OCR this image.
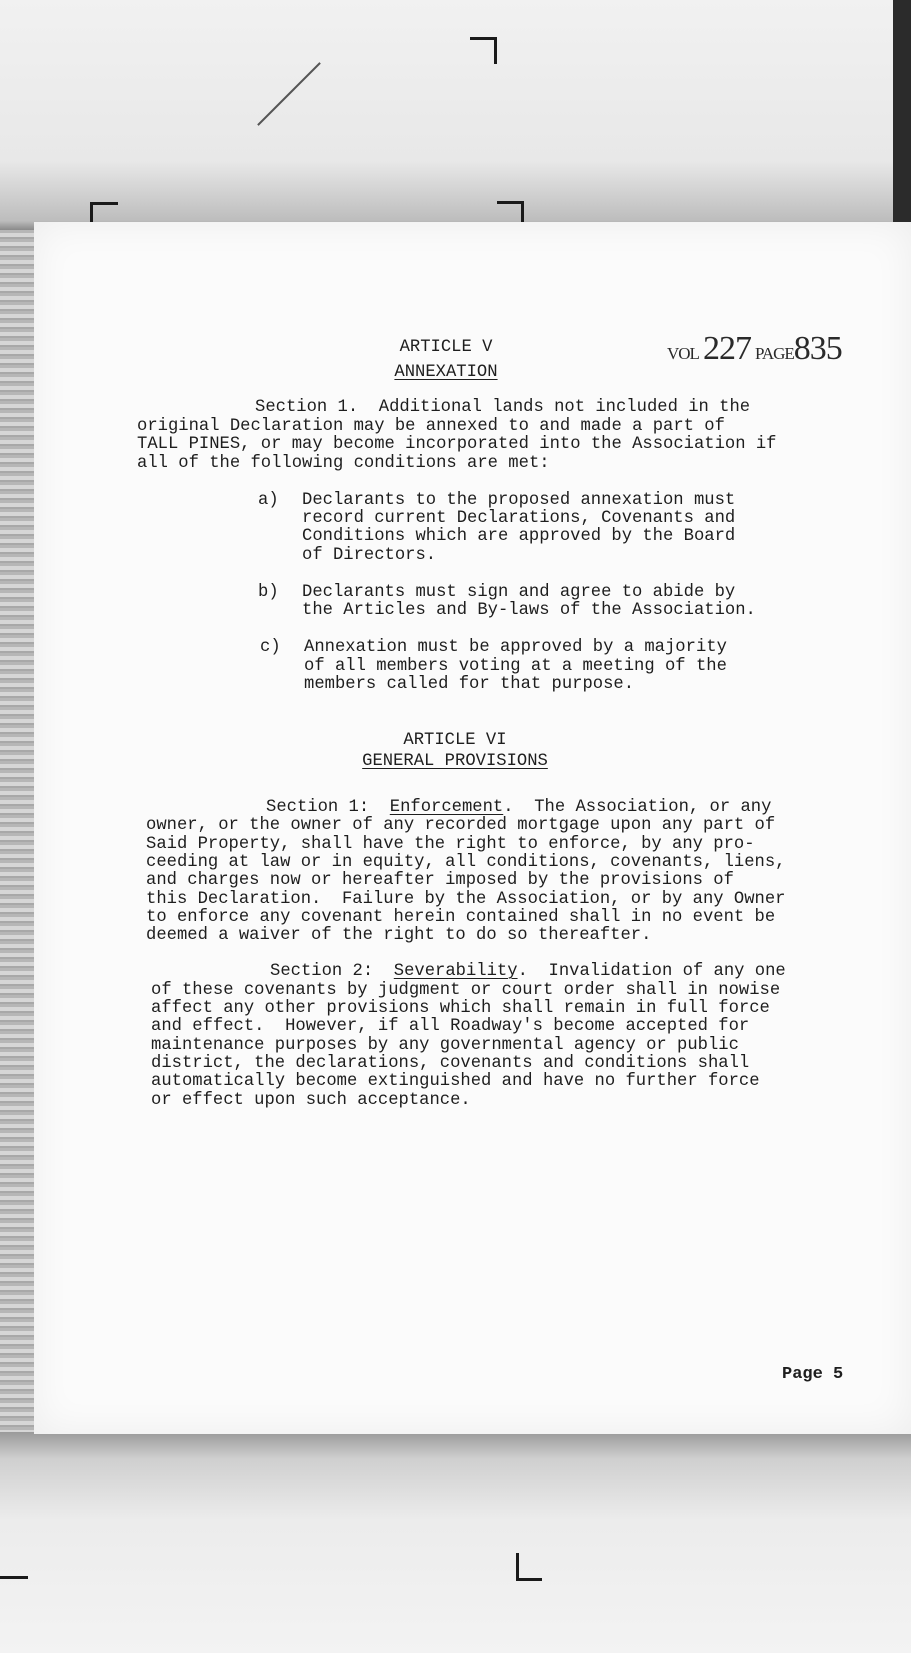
VOL 227 PAGE835
ARTICLE V
ANNEXATION
Section 1.  Additional lands not included in the
original Declaration may be annexed to and made a part of
TALL PINES, or may become incorporated into the Association if
all of the following conditions are met:
a) Declarants to the proposed annexation must
record current Declarations, Covenants and
Conditions which are approved by the Board
of Directors.
b) Declarants must sign and agree to abide by
the Articles and By-laws of the Association.
c) Annexation must be approved by a majority
of all members voting at a meeting of the
members called for that purpose.
ARTICLE VI
GENERAL PROVISIONS
Section 1:  Enforcement.  The Association, or any
owner, or the owner of any recorded mortgage upon any part of
Said Property, shall have the right to enforce, by any pro-
ceeding at law or in equity, all conditions, covenants, liens,
and charges now or hereafter imposed by the provisions of
this Declaration.  Failure by the Association, or by any Owner
to enforce any covenant herein contained shall in no event be
deemed a waiver of the right to do so thereafter.
Section 2:  Severability.  Invalidation of any one
of these covenants by judgment or court order shall in nowise
affect any other provisions which shall remain in full force
and effect.  However, if all Roadway's become accepted for
maintenance purposes by any governmental agency or public
district, the declarations, covenants and conditions shall
automatically become extinguished and have no further force
or effect upon such acceptance.
Page 5
